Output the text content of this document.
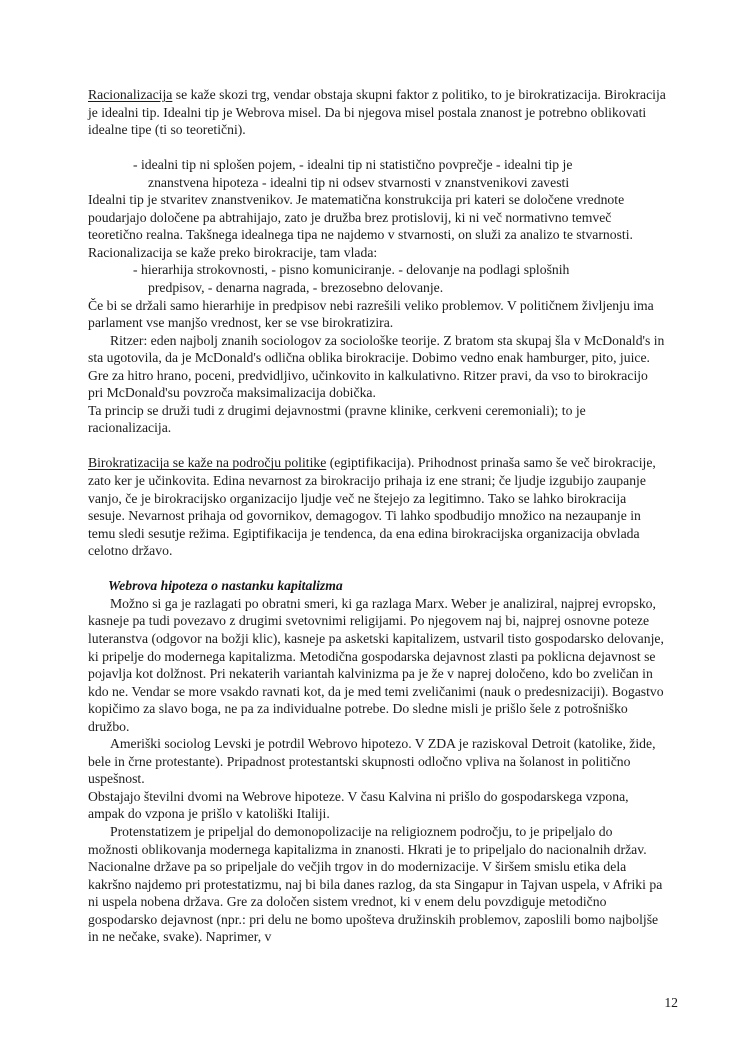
Racionalizacija se kaže skozi trg, vendar obstaja skupni faktor z politiko, to je birokratizacija. Birokracija je idealni tip. Idealni tip je Webrova misel. Da bi njegova misel postala znanost je potrebno oblikovati idealne tipe (ti so teoretični).

- idealni tip ni splošen pojem, - idealni tip ni statistično povprečje - idealni tip je

znanstvena hipoteza - idealni tip ni odsev stvarnosti v znanstvenikovi zavesti

Idealni tip je stvaritev znanstvenikov. Je matematična konstrukcija pri kateri se določene vrednote poudarjajo določene pa abtrahijajo, zato je družba brez protislovij, ki ni več normativno temveč teoretično realna. Takšnega idealnega tipa ne najdemo v stvarnosti, on služi za analizo te stvarnosti. Racionalizacija se kaže preko birokracije, tam vlada:

- hierarhija strokovnosti, - pisno komuniciranje. - delovanje na podlagi splošnih

predpisov, - denarna nagrada, - brezosebno delovanje.

Če bi se držali samo hierarhije in predpisov nebi razrešili veliko problemov. V političnem življenju ima parlament vse manjšo vrednost, ker se vse birokratizira.

Ritzer: eden najbolj znanih sociologov za sociološke teorije. Z bratom sta skupaj šla v McDonald's in sta ugotovila, da je McDonald's odlična oblika birokracije. Dobimo vedno enak hamburger, pito, juice. Gre za hitro hrano, poceni, predvidljivo, učinkovito in kalkulativno. Ritzer pravi, da vso to birokracijo pri McDonald'su povzroča maksimalizacija dobička.

Ta princip se druži tudi z drugimi dejavnostmi (pravne klinike, cerkveni ceremoniali); to je racionalizacija.

Birokratizacija se kaže na področju politike (egiptifikacija). Prihodnost prinaša samo še več birokracije, zato ker je učinkovita. Edina nevarnost za birokracijo prihaja iz ene strani; če ljudje izgubijo zaupanje vanjo, če je birokracijsko organizacijo ljudje več ne štejejo za legitimno. Tako se lahko birokracija sesuje. Nevarnost prihaja od govornikov, demagogov. Ti lahko spodbudijo množico na nezaupanje in temu sledi sesutje režima. Egiptifikacija je tendenca, da ena edina birokracijska organizacija obvlada celotno državo.

Webrova hipoteza o nastanku kapitalizma

Možno si ga je razlagati po obratni smeri, ki ga razlaga Marx. Weber je analiziral, najprej evropsko, kasneje pa tudi povezavo z drugimi svetovnimi religijami. Po njegovem naj bi, najprej osnovne poteze luteranstva (odgovor na božji klic), kasneje pa asketski kapitalizem, ustvaril tisto gospodarsko delovanje, ki pripelje do modernega kapitalizma. Metodična gospodarska dejavnost zlasti pa poklicna dejavnost se pojavlja kot dolžnost. Pri nekaterih variantah kalvinizma pa je že v naprej določeno, kdo bo zveličan in kdo ne. Vendar se more vsakdo ravnati kot, da je med temi zveličanimi (nauk o predesnizaciji). Bogastvo kopičimo za slavo boga, ne pa za individualne potrebe. Do sledne misli je prišlo šele z potrošniško družbo.

Ameriški sociolog Levski je potrdil Webrovo hipotezo. V ZDA je raziskoval Detroit (katolike, žide, bele in črne protestante). Pripadnost protestantski skupnosti odločno vpliva na šolanost in politično uspešnost.

Obstajajo številni dvomi na Webrove hipoteze. V času Kalvina ni prišlo do gospodarskega vzpona, ampak do vzpona je prišlo v katoliški Italiji.

Protenstatizem je pripeljal do demonopolizacije na religioznem področju, to je pripeljalo do možnosti oblikovanja modernega kapitalizma in znanosti. Hkrati je to pripeljalo do nacionalnih držav. Nacionalne države pa so pripeljale do večjih trgov in do modernizacije. V širšem smislu etika dela kakršno najdemo pri protestatizmu, naj bi bila danes razlog, da sta Singapur in Tajvan uspela, v Afriki pa ni uspela nobena država. Gre za določen sistem vrednot, ki v enem delu povzdiguje metodično gospodarsko dejavnost (npr.: pri delu ne bomo upošteva družinskih problemov, zaposlili bomo najboljše in ne nečake, svake). Naprimer, v

12
